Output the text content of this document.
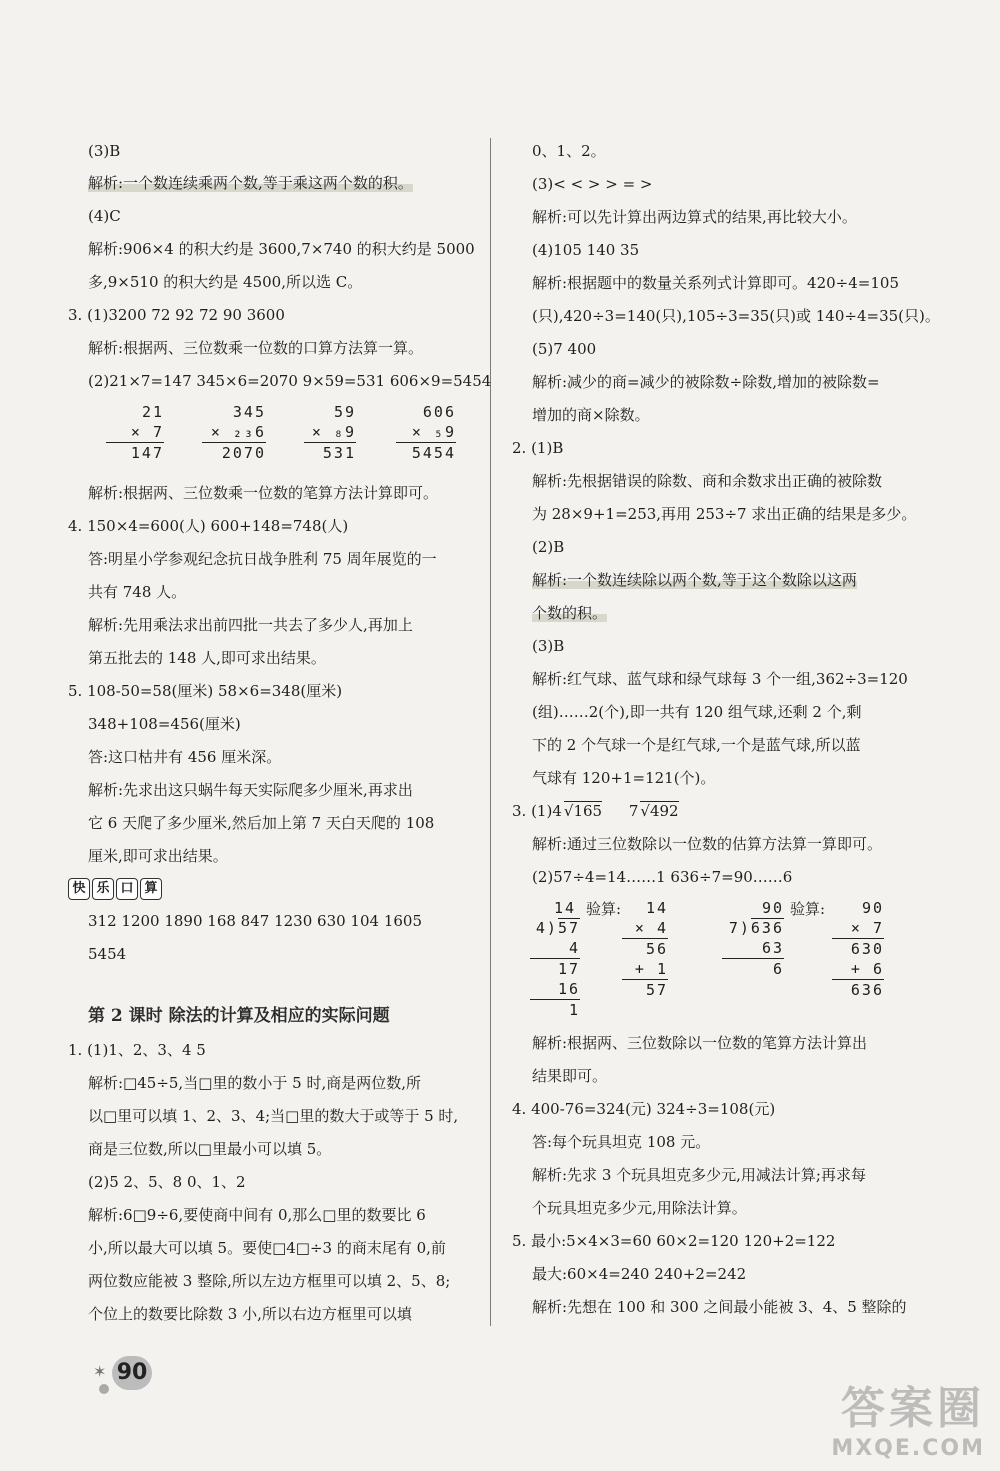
(3)B
解析:一个数连续乘两个数,等于乘这两个数的积。
(4)C
解析:906×4 的积大约是 3600,7×740 的积大约是 5000
多,9×510 的积大约是 4500,所以选 C。
3. (1)3200 72 92 72 90 3600
解析:根据两、三位数乘一位数的口算方法算一算。
(2)21×7=147 345×6=2070 9×59=531 606×9=5454
21
× 7
147
345
× ₂₃6
2070
59
× ₈9
531
606
× ₅9
5454
解析:根据两、三位数乘一位数的笔算方法计算即可。
4. 150×4=600(人) 600+148=748(人)
答:明星小学参观纪念抗日战争胜利 75 周年展览的一
共有 748 人。
解析:先用乘法求出前四批一共去了多少人,再加上
第五批去的 148 人,即可求出结果。
5. 108-50=58(厘米) 58×6=348(厘米)
348+108=456(厘米)
答:这口枯井有 456 厘米深。
解析:先求出这只蜗牛每天实际爬多少厘米,再求出
它 6 天爬了多少厘米,然后加上第 7 天白天爬的 108
厘米,即可求出结果。
快 乐 口 算
312 1200 1890 168 847 1230 630 104 1605
5454
第 2 课时 除法的计算及相应的实际问题
1. (1)1、2、3、4 5
解析:□45÷5,当□里的数小于 5 时,商是两位数,所
以□里可以填 1、2、3、4;当□里的数大于或等于 5 时,
商是三位数,所以□里最小可以填 5。
(2)5 2、5、8 0、1、2
解析:6□9÷6,要使商中间有 0,那么□里的数要比 6
小,所以最大可以填 5。要使□4□÷3 的商末尾有 0,前
两位数应能被 3 整除,所以左边方框里可以填 2、5、8;
个位上的数要比除数 3 小,所以右边方框里可以填
0、1、2。
(3)< < > > = >
解析:可以先计算出两边算式的结果,再比较大小。
(4)105 140 35
解析:根据题中的数量关系列式计算即可。420÷4=105
(只),420÷3=140(只),105÷3=35(只)或 140÷4=35(只)。
(5)7 400
解析:减少的商=减少的被除数÷除数,增加的被除数=
增加的商×除数。
2. (1)B
解析:先根据错误的除数、商和余数求出正确的被除数
为 28×9+1=253,再用 253÷7 求出正确的结果是多少。
(2)B
解析:一个数连续除以两个数,等于这个数除以这两
个数的积。
(3)B
解析:红气球、蓝气球和绿气球每 3 个一组,362÷3=120
(组)……2(个),即一共有 120 组气球,还剩 2 个,剩
下的 2 个气球一个是红气球,一个是蓝气球,所以蓝
气球有 120+1=121(个)。
3. (1)4 √165 7 √492
解析:通过三位数除以一位数的估算方法算一算即可。
(2)57÷4=14……1 636÷7=90……6
14
4)57
4
17
16
1
验算:	14
× 4
56
+ 1
57
90
7)636
63
6
验算:	90
× 7
630
+ 6
636
解析:根据两、三位数除以一位数的笔算方法计算出
结果即可。
4. 400-76=324(元) 324÷3=108(元)
答:每个玩具坦克 108 元。
解析:先求 3 个玩具坦克多少元,用减法计算;再求每
个玩具坦克多少元,用除法计算。
5. 最小:5×4×3=60 60×2=120 120+2=122
最大:60×4=240 240+2=242
解析:先想在 100 和 300 之间最小能被 3、4、5 整除的
✶ 90
答案圈
MXQE.COM
